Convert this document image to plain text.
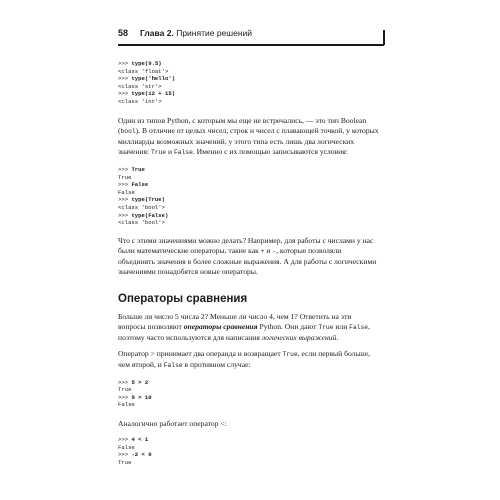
58 Глава 2. Принятие решений
>>> type(9.5)
<class 'float'>
>>> type('hello')
<class 'str'>
>>> type(12 + 15)
<class 'int'>

Один из типов Python, с которым мы еще не встречались, — это тип Boolean (bool). В отличие от целых чисел, строк и чисел с плавающей точкой, у которых миллиарды возможных значений, у этого типа есть лишь два логических значения: True и False. Именно с их помощью записываются условия:

>>> True
True
>>> False
False
>>> type(True)
<class 'bool'>
>>> type(False)
<class 'bool'>

Что с этими значениями можно делать? Например, для работы с числами у нас были математические операторы, такие как + и -, которые позволяли объединять значения в более сложные выражения. А для работы с логическими значениями понадобятся новые операторы.

Операторы сравнения

Больше ли число 5 числа 2? Меньше ли число 4, чем 1? Ответить на эти вопросы позволяют операторы сравнения Python. Они дают True или False, поэтому часто используются для написания логических выражений.

Оператор > принимает два операнда и возвращает True, если первый больше, чем второй, и False в противном случае:

>>> 5 > 2
True
>>> 9 > 10
False

Аналогично работает оператор <:

>>> 4 < 1
False
>>> -2 < 0
True
